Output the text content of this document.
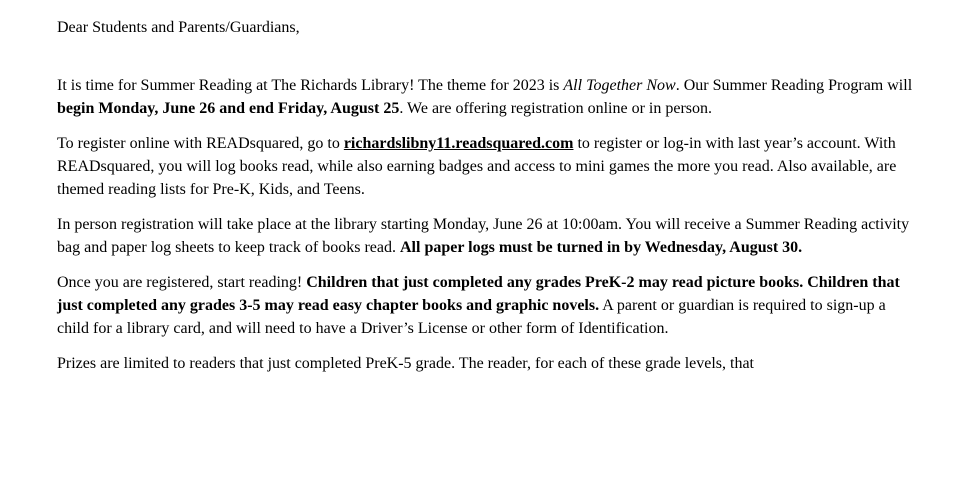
Dear Students and Parents/Guardians,

It is time for Summer Reading at The Richards Library! The theme for 2023 is All Together Now. Our Summer Reading Program will begin Monday, June 26 and end Friday, August 25. We are offering registration online or in person.

To register online with READsquared, go to richardslibny11.readsquared.com to register or log-in with last year’s account. With READsquared, you will log books read, while also earning badges and access to mini games the more you read. Also available, are themed reading lists for Pre-K, Kids, and Teens.

In person registration will take place at the library starting Monday, June 26 at 10:00am. You will receive a Summer Reading activity bag and paper log sheets to keep track of books read. All paper logs must be turned in by Wednesday, August 30.

Once you are registered, start reading! Children that just completed any grades PreK-2 may read picture books. Children that just completed any grades 3-5 may read easy chapter books and graphic novels. A parent or guardian is required to sign-up a child for a library card, and will need to have a Driver’s License or other form of Identification.

Prizes are limited to readers that just completed PreK-5 grade. The reader, for each of these grade levels, that
